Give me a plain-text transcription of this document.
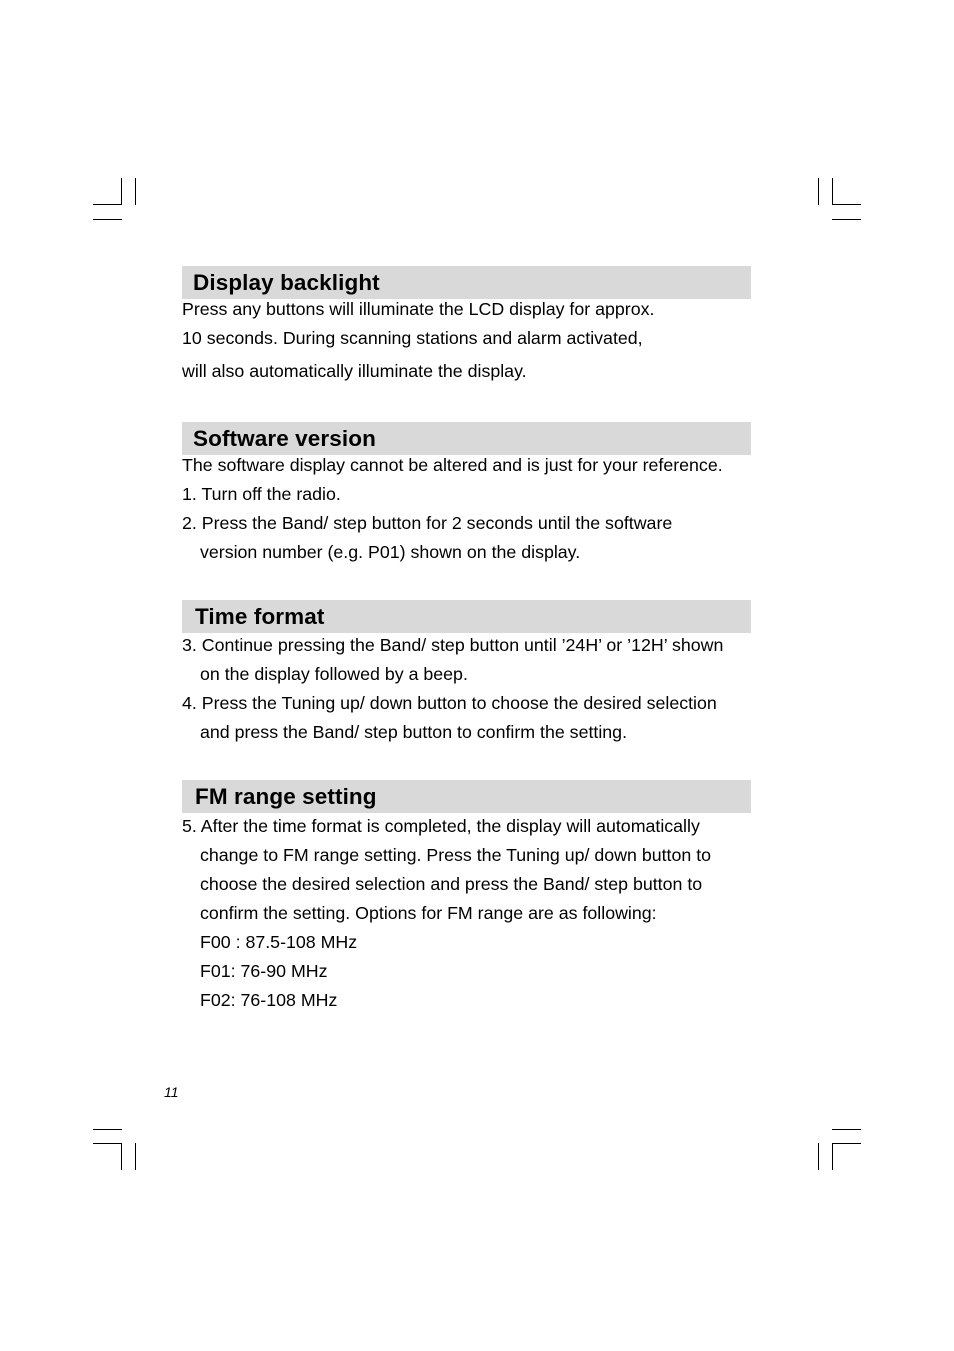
Display backlight
Press any buttons will illuminate the LCD display for approx.
10 seconds. During scanning stations and alarm activated,
will also automatically illuminate the display.
Software version
The software display cannot be altered and is just for your reference.
1. Turn off the radio.
2. Press the Band/ step button for 2 seconds until the software
version number (e.g. P01) shown on the display.
Time format
3. Continue pressing the Band/ step button until ’24H’ or ’12H’ shown
on the display followed by a beep.
4. Press the Tuning up/ down button to choose the desired selection
and press the Band/ step button to confirm the setting.
FM range setting
5. After the time format is completed, the display will automatically
change to FM range setting. Press the Tuning up/ down button to
choose the desired selection and press the Band/ step button to
confirm the setting. Options for FM range are as following:
F00 : 87.5-108 MHz
F01: 76-90 MHz
F02: 76-108 MHz
11
